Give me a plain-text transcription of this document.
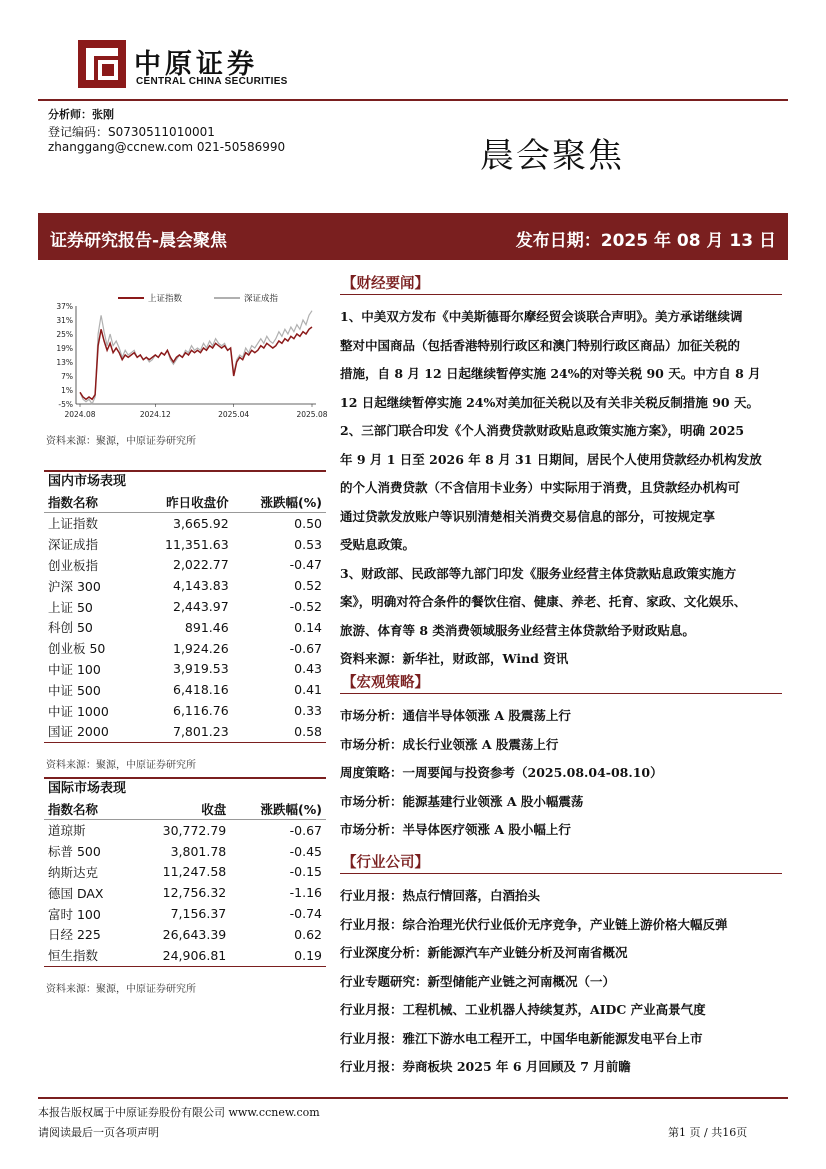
中原证券
CENTRAL CHINA SECURITIES
分析师：张刚
登记编码：S0730511010001
zhanggang@ccnew.com 021-50586990	晨会聚焦
证券研究报告-晨会聚焦	发布日期：2025 年 08 月 13 日
37%
31%
25%
19%
13%
7%
1%
-5%
2024.08	2024.12	2025.04	2025.08
上证指数	深证成指
资料来源：聚源，中原证券研究所
国内市场表现
指数名称	昨日收盘价	涨跌幅(%)
上证指数	3,665.92	0.50
深证成指	11,351.63	0.53
创业板指	2,022.77	-0.47
沪深 300	4,143.83	0.52
上证 50	2,443.97	-0.52
科创 50	891.46	0.14
创业板 50	1,924.26	-0.67
中证 100	3,919.53	0.43
中证 500	6,418.16	0.41
中证 1000	6,116.76	0.33
国证 2000	7,801.23	0.58
资料来源：聚源，中原证券研究所
国际市场表现
指数名称	收盘	涨跌幅(%)
道琼斯	30,772.79	-0.67
标普 500	3,801.78	-0.45
纳斯达克	11,247.58	-0.15
德国 DAX	12,756.32	-1.16
富时 100	7,156.37	-0.74
日经 225	26,643.39	0.62
恒生指数	24,906.81	0.19
资料来源：聚源，中原证券研究所
【财经要闻】
1、中美双方发布《中美斯德哥尔摩经贸会谈联合声明》。美方承诺继续调
整对中国商品（包括香港特别行政区和澳门特别行政区商品）加征关税的
措施，自 8 月 12 日起继续暂停实施 24%的对等关税 90 天。中方自 8 月
12 日起继续暂停实施 24%对美加征关税以及有关非关税反制措施 90 天。
2、三部门联合印发《个人消费贷款财政贴息政策实施方案》，明确 2025
年 9 月 1 日至 2026 年 8 月 31 日期间，居民个人使用贷款经办机构发放
的个人消费贷款（不含信用卡业务）中实际用于消费，且贷款经办机构可
通过贷款发放账户等识别清楚相关消费交易信息的部分，可按规定享
受贴息政策。
3、财政部、民政部等九部门印发《服务业经营主体贷款贴息政策实施方
案》，明确对符合条件的餐饮住宿、健康、养老、托育、家政、文化娱乐、
旅游、体育等 8 类消费领域服务业经营主体贷款给予财政贴息。
资料来源：新华社，财政部，Wind 资讯
【宏观策略】
市场分析：通信半导体领涨 A 股震荡上行
市场分析：成长行业领涨 A 股震荡上行
周度策略：一周要闻与投资参考（2025.08.04-08.10）
市场分析：能源基建行业领涨 A 股小幅震荡
市场分析：半导体医疗领涨 A 股小幅上行
【行业公司】
行业月报：热点行情回落，白酒抬头
行业月报：综合治理光伏行业低价无序竞争，产业链上游价格大幅反弹
行业深度分析：新能源汽车产业链分析及河南省概况
行业专题研究：新型储能产业链之河南概况（一）
行业月报：工程机械、工业机器人持续复苏，AIDC 产业高景气度
行业月报：雅江下游水电工程开工，中国华电新能源发电平台上市
行业月报：券商板块 2025 年 6 月回顾及 7 月前瞻
本报告版权属于中原证券股份有限公司 www.ccnew.com
请阅读最后一页各项声明	第1 页 / 共16页
